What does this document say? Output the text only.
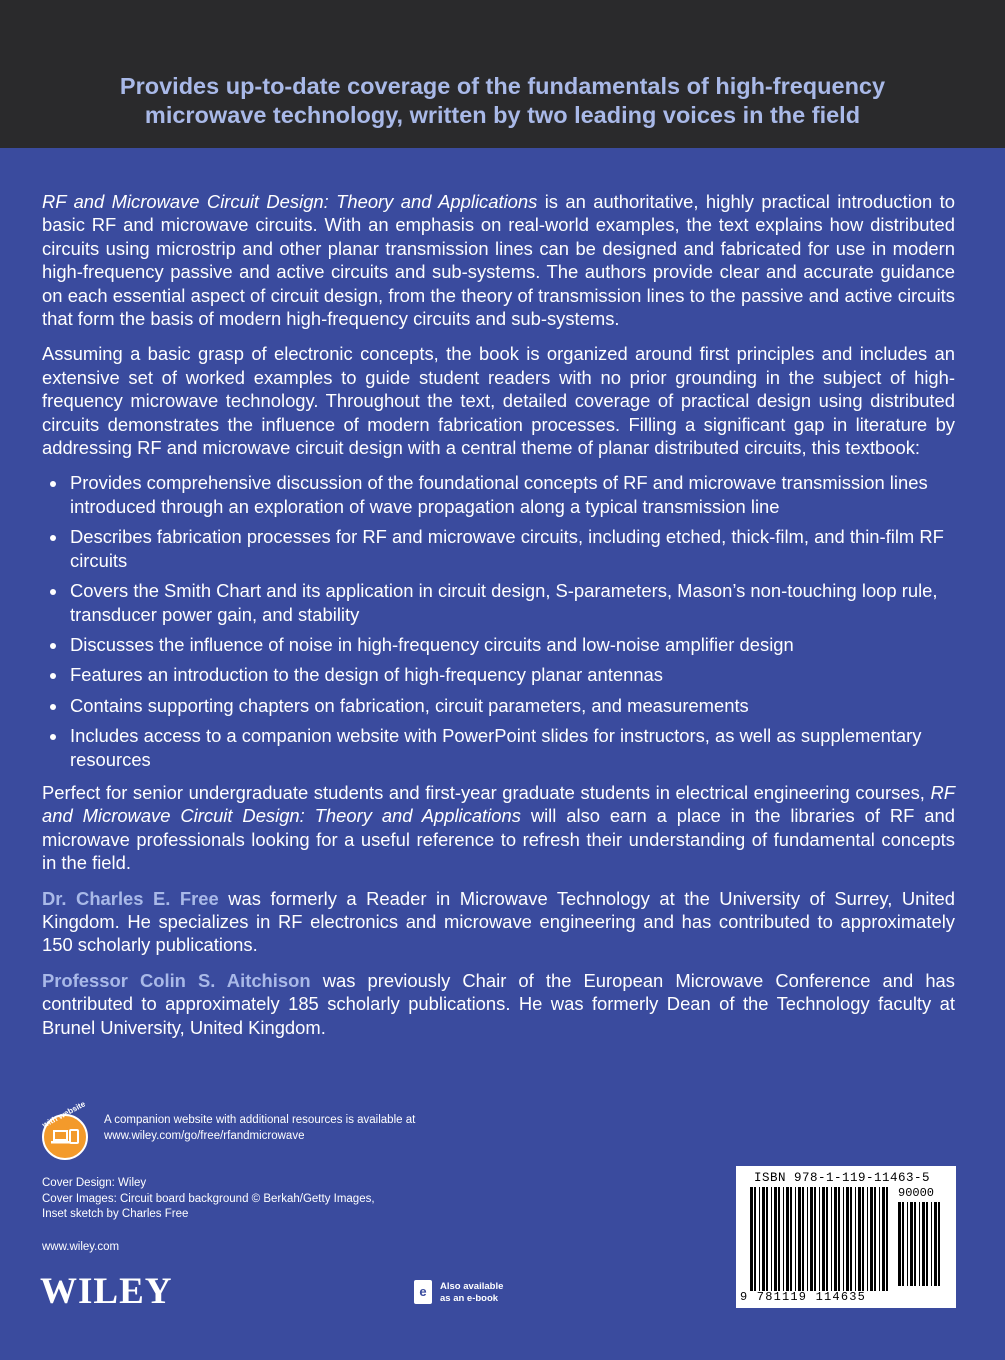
Provides up-to-date coverage of the fundamentals of high-frequency microwave technology, written by two leading voices in the field

RF and Microwave Circuit Design: Theory and Applications is an authoritative, highly practical introduction to basic RF and microwave circuits. With an emphasis on real-world examples, the text explains how distributed circuits using microstrip and other planar transmission lines can be designed and fabricated for use in modern high-frequency passive and active circuits and sub-systems. The authors provide clear and accurate guidance on each essential aspect of circuit design, from the theory of transmission lines to the passive and active circuits that form the basis of modern high-frequency circuits and sub-systems.

Assuming a basic grasp of electronic concepts, the book is organized around first principles and includes an extensive set of worked examples to guide student readers with no prior grounding in the subject of high-frequency microwave technology. Throughout the text, detailed coverage of practical design using distributed circuits demonstrates the influence of modern fabrication processes. Filling a significant gap in literature by addressing RF and microwave circuit design with a central theme of planar distributed circuits, this textbook:

Provides comprehensive discussion of the foundational concepts of RF and microwave transmission lines introduced through an exploration of wave propagation along a typical transmission line
Describes fabrication processes for RF and microwave circuits, including etched, thick-film, and thin-film RF circuits
Covers the Smith Chart and its application in circuit design, S-parameters, Mason’s non-touching loop rule, transducer power gain, and stability
Discusses the influence of noise in high-frequency circuits and low-noise amplifier design
Features an introduction to the design of high-frequency planar antennas
Contains supporting chapters on fabrication, circuit parameters, and measurements
Includes access to a companion website with PowerPoint slides for instructors, as well as supplementary resources

Perfect for senior undergraduate students and first-year graduate students in electrical engineering courses, RF and Microwave Circuit Design: Theory and Applications will also earn a place in the libraries of RF and microwave professionals looking for a useful reference to refresh their understanding of fundamental concepts in the field.

Dr. Charles E. Free was formerly a Reader in Microwave Technology at the University of Surrey, United Kingdom. He specializes in RF electronics and microwave engineering and has contributed to approximately 150 scholarly publications.

Professor Colin S. Aitchison was previously Chair of the European Microwave Conference and has contributed to approximately 185 scholarly publications. He was formerly Dean of the Technology faculty at Brunel University, United Kingdom.

with website A companion website with additional resources is available at
www.wiley.com/go/free/rfandmicrowave
Cover Design: Wiley
Cover Images: Circuit board background © Berkah/Getty Images,
Inset sketch by Charles Free
www.wiley.com
WILEY	e	Also available
as an e-book
ISBN 978-1-119-11463-5
90000
9 781119 114635
